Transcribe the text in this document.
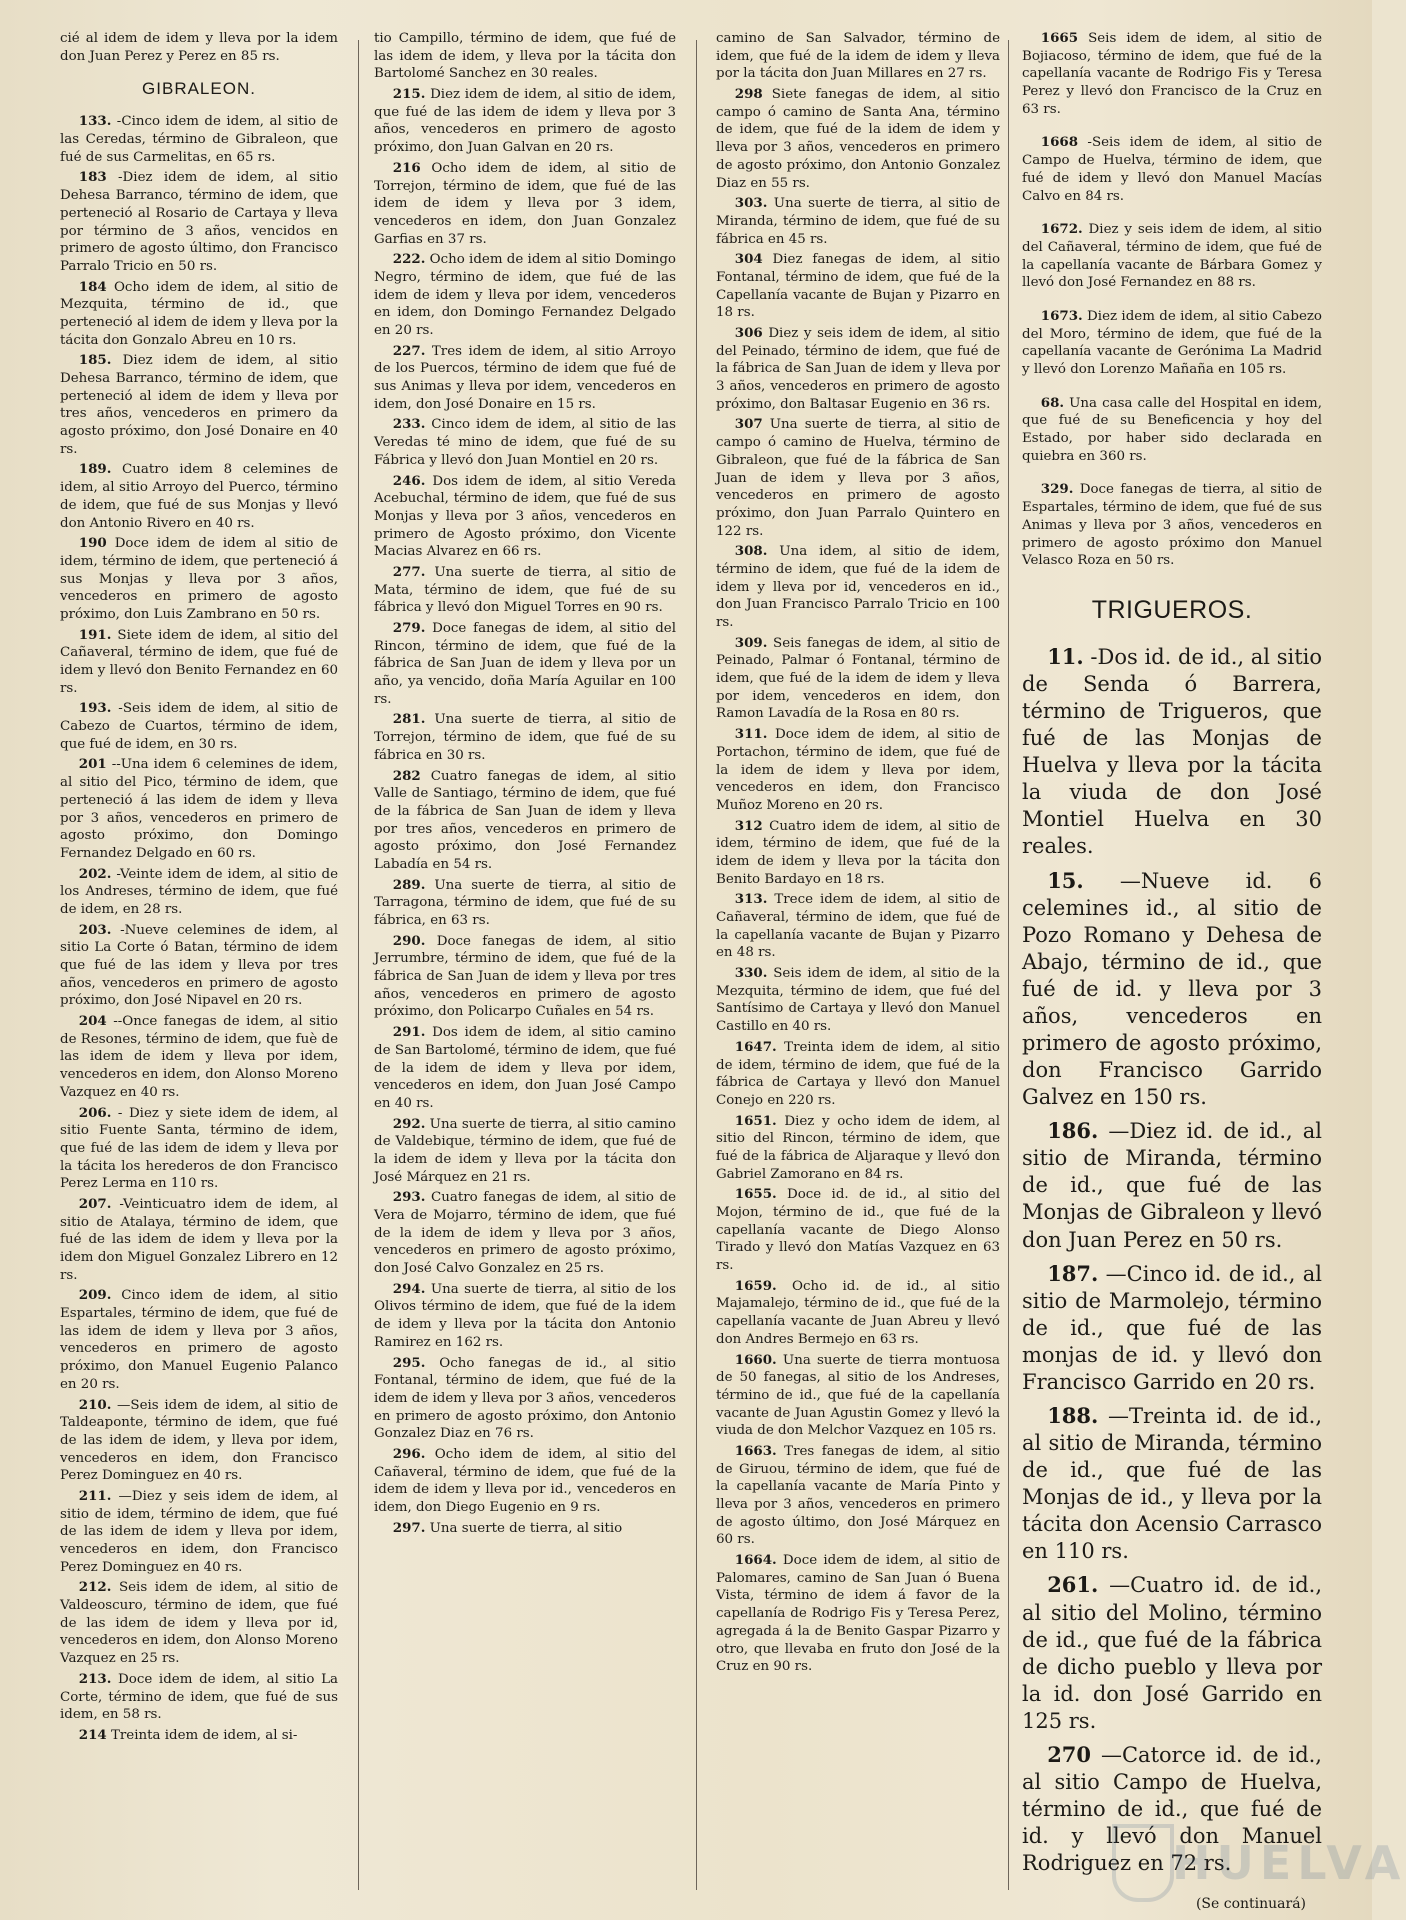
cié al idem de idem y lleva por la idem don Juan Perez y Perez en 85 rs.

GIBRALEON.

133. -Cinco idem de idem, al sitio de las Ceredas, término de Gibraleon, que fué de sus Carmelitas, en 65 rs.

183 -Diez idem de idem, al sitio Dehesa Barranco, término de idem, que perteneció al Rosario de Cartaya y lleva por término de 3 años, vencidos en primero de agosto último, don Francisco Parralo Tricio en 50 rs.

184 Ocho idem de idem, al sitio de Mezquita, término de id., que perteneció al idem de idem y lleva por la tácita don Gonzalo Abreu en 10 rs.

185. Diez idem de idem, al sitio Dehesa Barranco, término de idem, que perteneció al idem de idem y lleva por tres años, vencederos en primero da agosto próximo, don José Donaire en 40 rs.

189. Cuatro idem 8 celemines de idem, al sitio Arroyo del Puerco, término de idem, que fué de sus Monjas y llevó don Antonio Rivero en 40 rs.

190 Doce idem de idem al sitio de idem, término de idem, que perteneció á sus Monjas y lleva por 3 años, vencederos en primero de agosto próximo, don Luis Zambrano en 50 rs.

191. Siete idem de idem, al sitio del Cañaveral, término de idem, que fué de idem y llevó don Benito Fernandez en 60 rs.

193. -Seis idem de idem, al sitio de Cabezo de Cuartos, término de idem, que fué de idem, en 30 rs.

201 --Una idem 6 celemines de idem, al sitio del Pico, término de idem, que perteneció á las idem de idem y lleva por 3 años, vencederos en primero de agosto próximo, don Domingo Fernandez Delgado en 60 rs.

202. -Veinte idem de idem, al sitio de los Andreses, término de idem, que fué de idem, en 28 rs.

203. -Nueve celemines de idem, al sitio La Corte ó Batan, término de idem que fué de las idem y lleva por tres años, vencederos en primero de agosto próximo, don José Nipavel en 20 rs.

204 --Once fanegas de idem, al sitio de Resones, término de idem, que fuè de las idem de idem y lleva por idem, vencederos en idem, don Alonso Moreno Vazquez en 40 rs.

206. - Diez y siete idem de idem, al sitio Fuente Santa, término de idem, que fué de las idem de idem y lleva por la tácita los herederos de don Francisco Perez Lerma en 110 rs.

207. -Veinticuatro idem de idem, al sitio de Atalaya, término de idem, que fué de las idem de idem y lleva por la idem don Miguel Gonzalez Librero en 12 rs.

209. Cinco idem de idem, al sitio Espartales, término de idem, que fué de las idem de idem y lleva por 3 años, vencederos en primero de agosto próximo, don Manuel Eugenio Palanco en 20 rs.

210. —Seis idem de idem, al sitio de Taldeaponte, término de idem, que fué de las idem de idem, y lleva por idem, vencederos en idem, don Francisco Perez Dominguez en 40 rs.

211. —Diez y seis idem de idem, al sitio de idem, término de idem, que fué de las idem de idem y lleva por idem, vencederos en idem, don Francisco Perez Dominguez en 40 rs.

212. Seis idem de idem, al sitio de Valdeoscuro, término de idem, que fué de las idem de idem y lleva por id, vencederos en idem, don Alonso Moreno Vazquez en 25 rs.

213. Doce idem de idem, al sitio La Corte, término de idem, que fué de sus idem, en 58 rs.

214 Treinta idem de idem, al si-

tio Campillo, término de idem, que fué de las idem de idem, y lleva por la tácita don Bartolomé Sanchez en 30 reales.

215. Diez idem de idem, al sitio de idem, que fué de las idem de idem y lleva por 3 años, vencederos en primero de agosto próximo, don Juan Galvan en 20 rs.

216 Ocho idem de idem, al sitio de Torrejon, término de idem, que fué de las idem de idem y lleva por 3 idem, vencederos en idem, don Juan Gonzalez Garfias en 37 rs.

222. Ocho idem de idem al sitio Domingo Negro, término de idem, que fué de las idem de idem y lleva por idem, vencederos en idem, don Domingo Fernandez Delgado en 20 rs.

227. Tres idem de idem, al sitio Arroyo de los Puercos, término de idem que fué de sus Animas y lleva por idem, vencederos en idem, don José Donaire en 15 rs.

233. Cinco idem de idem, al sitio de las Veredas té mino de idem, que fué de su Fábrica y llevó don Juan Montiel en 20 rs.

246. Dos idem de idem, al sitio Vereda Acebuchal, término de idem, que fué de sus Monjas y lleva por 3 años, vencederos en primero de Agosto próximo, don Vicente Macias Alvarez en 66 rs.

277. Una suerte de tierra, al sitio de Mata, término de idem, que fué de su fábrica y llevó don Miguel Torres en 90 rs.

279. Doce fanegas de idem, al sitio del Rincon, término de idem, que fué de la fábrica de San Juan de idem y lleva por un año, ya vencido, doña María Aguilar en 100 rs.

281. Una suerte de tierra, al sitio de Torrejon, término de idem, que fué de su fábrica en 30 rs.

282 Cuatro fanegas de idem, al sitio Valle de Santiago, término de idem, que fué de la fábrica de San Juan de idem y lleva por tres años, vencederos en primero de agosto próximo, don José Fernandez Labadía en 54 rs.

289. Una suerte de tierra, al sitio de Tarragona, término de idem, que fué de su fábrica, en 63 rs.

290. Doce fanegas de idem, al sitio Jerrumbre, término de idem, que fué de la fábrica de San Juan de idem y lleva por tres años, vencederos en primero de agosto próximo, don Policarpo Cuñales en 54 rs.

291. Dos idem de idem, al sitio camino de San Bartolomé, término de idem, que fué de la idem de idem y lleva por idem, vencederos en idem, don Juan José Campo en 40 rs.

292. Una suerte de tierra, al sitio camino de Valdebique, término de idem, que fué de la idem de idem y lleva por la tácita don José Márquez en 21 rs.

293. Cuatro fanegas de idem, al sitio de Vera de Mojarro, término de idem, que fué de la idem de idem y lleva por 3 años, vencederos en primero de agosto próximo, don José Calvo Gonzalez en 25 rs.

294. Una suerte de tierra, al sitio de los Olivos término de idem, que fué de la idem de idem y lleva por la tácita don Antonio Ramirez en 162 rs.

295. Ocho fanegas de id., al sitio Fontanal, término de idem, que fué de la idem de idem y lleva por 3 años, vencederos en primero de agosto próximo, don Antonio Gonzalez Diaz en 76 rs.

296. Ocho idem de idem, al sitio del Cañaveral, término de idem, que fué de la idem de idem y lleva por id., vencederos en idem, don Diego Eugenio en 9 rs.

297. Una suerte de tierra, al sitio

camino de San Salvador, término de idem, que fué de la idem de idem y lleva por la tácita don Juan Millares en 27 rs.

298 Siete fanegas de idem, al sitio campo ó camino de Santa Ana, término de idem, que fué de la idem de idem y lleva por 3 años, vencederos en primero de agosto próximo, don Antonio Gonzalez Diaz en 55 rs.

303. Una suerte de tierra, al sitio de Miranda, término de idem, que fué de su fábrica en 45 rs.

304 Diez fanegas de idem, al sitio Fontanal, término de idem, que fué de la Capellanía vacante de Bujan y Pizarro en 18 rs.

306 Diez y seis idem de idem, al sitio del Peinado, término de idem, que fué de la fábrica de San Juan de idem y lleva por 3 años, vencederos en primero de agosto próximo, don Baltasar Eugenio en 36 rs.

307 Una suerte de tierra, al sitio de campo ó camino de Huelva, término de Gibraleon, que fué de la fábrica de San Juan de idem y lleva por 3 años, vencederos en primero de agosto próximo, don Juan Parralo Quintero en 122 rs.

308. Una idem, al sitio de idem, término de idem, que fué de la idem de idem y lleva por id, vencederos en id., don Juan Francisco Parralo Tricio en 100 rs.

309. Seis fanegas de idem, al sitio de Peinado, Palmar ó Fontanal, término de idem, que fué de la idem de idem y lleva por idem, vencederos en idem, don Ramon Lavadía de la Rosa en 80 rs.

311. Doce idem de idem, al sitio de Portachon, término de idem, que fué de la idem de idem y lleva por idem, vencederos en idem, don Francisco Muñoz Moreno en 20 rs.

312 Cuatro idem de idem, al sitio de idem, término de idem, que fué de la idem de idem y lleva por la tácita don Benito Bardayo en 18 rs.

313. Trece idem de idem, al sitio de Cañaveral, término de idem, que fué de la capellanía vacante de Bujan y Pizarro en 48 rs.

330. Seis idem de idem, al sitio de la Mezquita, término de idem, que fué del Santísimo de Cartaya y llevó don Manuel Castillo en 40 rs.

1647. Treinta idem de idem, al sitio de idem, término de idem, que fué de la fábrica de Cartaya y llevó don Manuel Conejo en 220 rs.

1651. Diez y ocho idem de idem, al sitio del Rincon, término de idem, que fué de la fábrica de Aljaraque y llevó don Gabriel Zamorano en 84 rs.

1655. Doce id. de id., al sitio del Mojon, término de id., que fué de la capellanía vacante de Diego Alonso Tirado y llevó don Matías Vazquez en 63 rs.

1659. Ocho id. de id., al sitio Majamalejo, término de id., que fué de la capellanía vacante de Juan Abreu y llevó don Andres Bermejo en 63 rs.

1660. Una suerte de tierra montuosa de 50 fanegas, al sitio de los Andreses, término de id., que fué de la capellanía vacante de Juan Agustin Gomez y llevó la viuda de don Melchor Vazquez en 105 rs.

1663. Tres fanegas de idem, al sitio de Giruou, término de idem, que fué de la capellanía vacante de María Pinto y lleva por 3 años, vencederos en primero de agosto último, don José Márquez en 60 rs.

1664. Doce idem de idem, al sitio de Palomares, camino de San Juan ó Buena Vista, término de idem á favor de la capellanía de Rodrigo Fis y Teresa Perez, agregada á la de Benito Gaspar Pizarro y otro, que llevaba en fruto don José de la Cruz en 90 rs.

1665 Seis idem de idem, al sitio de Bojiacoso, término de idem, que fué de la capellanía vacante de Rodrigo Fis y Teresa Perez y llevó don Francisco de la Cruz en 63 rs.

1668 -Seis idem de idem, al sitio de Campo de Huelva, término de idem, que fué de idem y llevó don Manuel Macías Calvo en 84 rs.

1672. Diez y seis idem de idem, al sitio del Cañaveral, término de idem, que fué de la capellanía vacante de Bárbara Gomez y llevó don José Fernandez en 88 rs.

1673. Diez idem de idem, al sitio Cabezo del Moro, término de idem, que fué de la capellanía vacante de Gerónima La Madrid y llevó don Lorenzo Mañaña en 105 rs.

68. Una casa calle del Hospital en idem, que fué de su Beneficencia y hoy del Estado, por haber sido declarada en quiebra en 360 rs.

329. Doce fanegas de tierra, al sitio de Espartales, término de idem, que fué de sus Animas y lleva por 3 años, vencederos en primero de agosto próximo don Manuel Velasco Roza en 50 rs.

TRIGUEROS.

11. -Dos id. de id., al sitio de Senda ó Barrera, término de Trigueros, que fué de las Monjas de Huelva y lleva por la tácita la viuda de don José Montiel Huelva en 30 reales.

15. —Nueve id. 6 celemines id., al sitio de Pozo Romano y Dehesa de Abajo, término de id., que fué de id. y lleva por 3 años, vencederos en primero de agosto próximo, don Francisco Garrido Galvez en 150 rs.

186. —Diez id. de id., al sitio de Miranda, término de id., que fué de las Monjas de Gibraleon y llevó don Juan Perez en 50 rs.

187. —Cinco id. de id., al sitio de Marmolejo, término de id., que fué de las monjas de id. y llevó don Francisco Garrido en 20 rs.

188. —Treinta id. de id., al sitio de Miranda, término de id., que fué de las Monjas de id., y lleva por la tácita don Acensio Carrasco en 110 rs.

261. —Cuatro id. de id., al sitio del Molino, término de id., que fué de la fábrica de dicho pueblo y lleva por la id. don José Garrido en 125 rs.

270 —Catorce id. de id., al sitio Campo de Huelva, término de id., que fué de id. y llevó don Manuel Rodriguez en 72 rs.

HUELVA
(Se continuará)
